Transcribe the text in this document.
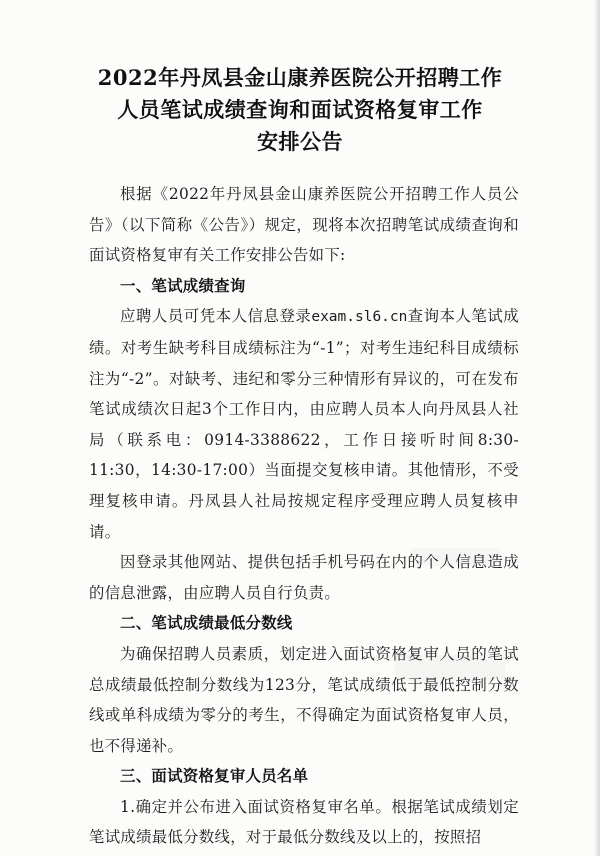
2022年丹凤县金山康养医院公开招聘工作
人员笔试成绩查询和面试资格复审工作
安排公告

根据《2022年丹凤县金山康养医院公开招聘工作人员公告》（以下简称《公告》）规定，现将本次招聘笔试成绩查询和面试资格复审有关工作安排公告如下:

一、笔试成绩查询

应聘人员可凭本人信息登录exam.sl6.cn查询本人笔试成绩。对考生缺考科目成绩标注为“-1”；对考生违纪科目成绩标注为“-2”。对缺考、违纪和零分三种情形有异议的，可在发布笔试成绩次日起3个工作日内，由应聘人员本人向丹凤县人社局（联系电：0914-3388622，工作日接听时间8:30-11:30，14:30-17:00）当面提交复核申请。其他情形，不受理复核申请。丹凤县人社局按规定程序受理应聘人员复核申请。

因登录其他网站、提供包括手机号码在内的个人信息造成的信息泄露，由应聘人员自行负责。

二、笔试成绩最低分数线

为确保招聘人员素质，划定进入面试资格复审人员的笔试总成绩最低控制分数线为123分，笔试成绩低于最低控制分数线或单科成绩为零分的考生，不得确定为面试资格复审人员，也不得递补。

三、面试资格复审人员名单

1.确定并公布进入面试资格复审名单。根据笔试成绩划定笔试成绩最低分数线，对于最低分数线及以上的，按照招
